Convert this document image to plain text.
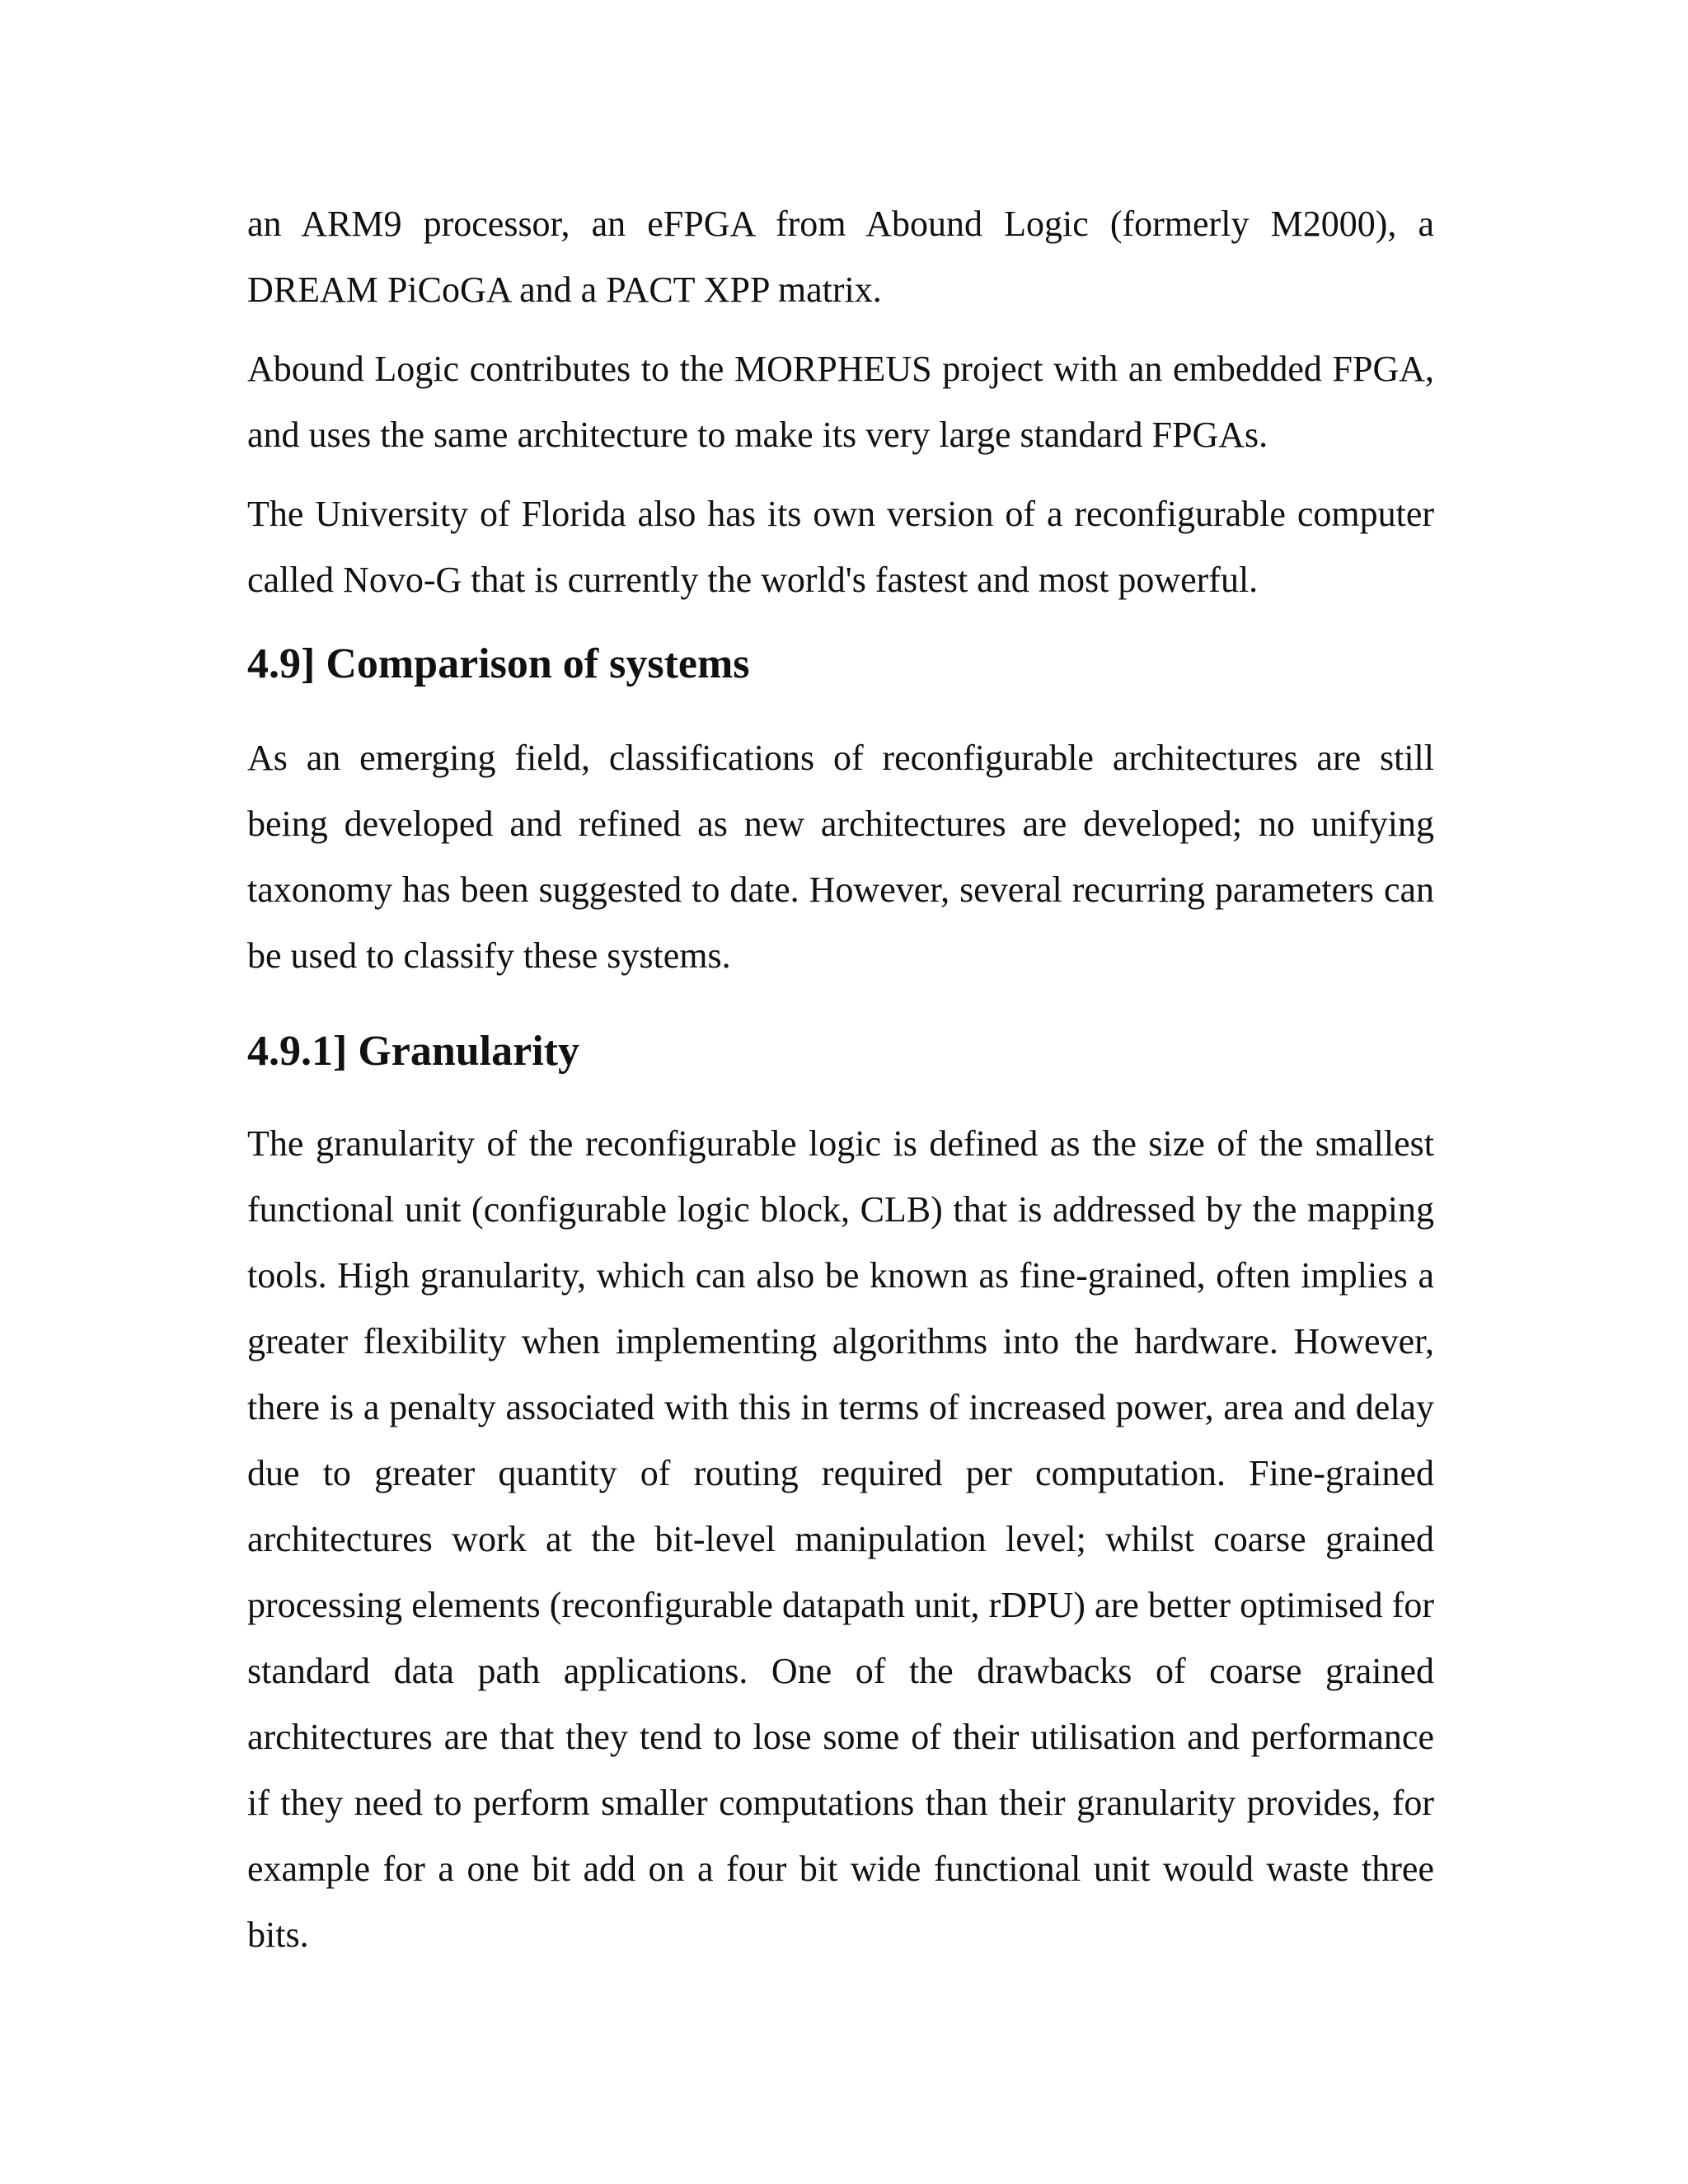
an ARM9 processor, an eFPGA from Abound Logic (formerly M2000), a DREAM PiCoGA and a PACT XPP matrix.

Abound Logic contributes to the MORPHEUS project with an embedded FPGA, and uses the same architecture to make its very large standard FPGAs.

The University of Florida also has its own version of a reconfigurable computer called Novo-G that is currently the world's fastest and most powerful.

4.9] Comparison of systems

As an emerging field, classifications of reconfigurable architectures are still being developed and refined as new architectures are developed; no unifying taxonomy has been suggested to date. However, several recurring parameters can be used to classify these systems.

4.9.1] Granularity

The granularity of the reconfigurable logic is defined as the size of the smallest functional unit (configurable logic block, CLB) that is addressed by the mapping tools. High granularity, which can also be known as fine-grained, often implies a greater flexibility when implementing algorithms into the hardware. However, there is a penalty associated with this in terms of increased power, area and delay due to greater quantity of routing required per computation. Fine-grained architectures work at the bit-level manipulation level; whilst coarse grained processing elements (reconfigurable datapath unit, rDPU) are better optimised for standard data path applications. One of the drawbacks of coarse grained architectures are that they tend to lose some of their utilisation and performance if they need to perform smaller computations than their granularity provides, for example for a one bit add on a four bit wide functional unit would waste three bits.
